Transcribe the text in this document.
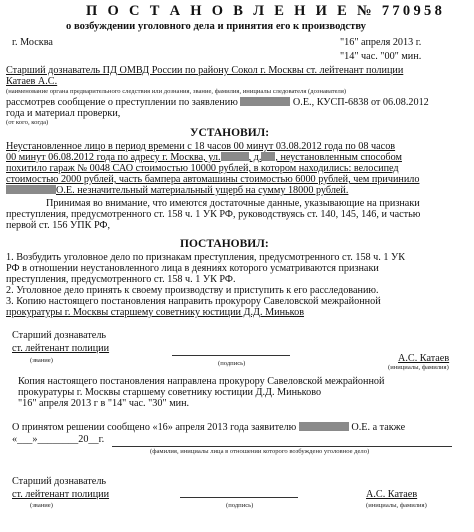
П О С Т А Н О В Л Е Н И Е № 770958
о возбуждении уголовного дела и принятия его к производству
г. Москва	"16" апреля 2013 г.
"14" час. "00" мин.
Старший дознаватель ПД ОМВД России по району Сокол г. Москвы ст. лейтенант полиции
Катаев А.С.
(наименование органа предварительного следствия или дознания, звание, фамилия, инициалы следователя (дознавателя)
рассмотрев сообщение о преступлении по заявлению	О.Е., КУСП-6838 от 06.08.2012
года и материал проверки,
(от кого, когда)
УСТАНОВИЛ:
Неустановленное лицо в период времени с 18 часов 00 минут 03.08.2012 года по 08 часов
00 минут 06.08.2012 года по адресу г. Москва, ул.	, д. , неустановленным способом
похитило гараж № 0048 САО стоимостью 10000 рублей, в котором находились: велосипед
стоимостью 2000 рублей, часть бампера автомашины стоимостью 6000 рублей, чем причинило
О.Е. незначительный материальный ущерб на сумму 18000 рублей.
Принимая во внимание, что имеются достаточные данные, указывающие на признаки
преступления, предусмотренного ст. 158 ч. 1 УК РФ, руководствуясь ст. 140, 145, 146, и частью
первой ст. 156 УПК РФ,
ПОСТАНОВИЛ:
1. Возбудить уголовное дело по признакам преступления, предусмотренного ст. 158 ч. 1 УК
РФ в отношении неустановленного лица в деяниях которого усматриваются признаки
преступления, предусмотренного ст. 158 ч. 1 УК РФ.
2. Уголовное дело принять к своему производству и приступить к его расследованию.
3. Копию настоящего постановления направить прокурору Савеловской межрайонной
прокуратуры г. Москвы старшему советнику юстиции Д.Д. Миньков
Старший дознаватель
ст. лейтенант полиции
(звание)	(подпись)	А.С. Катаев
(инициалы, фамилия)
Копия настоящего постановления направлена прокурору Савеловской межрайонной
прокуратуры г. Москвы старшему советнику юстиции Д.Д. Миньково
"16" апреля 2013 г в "14" час. "30" мин.
О принятом решении сообщено «16» апреля 2013 года заявителю	О.Е. а также
«___»________20__г.
(фамилия, инициалы лица в отношении которого возбуждено уголовное дело)
Старший дознаватель
ст. лейтенант полиции
(звание)	(подпись)
А.С. Катаев
(инициалы, фамилия)
